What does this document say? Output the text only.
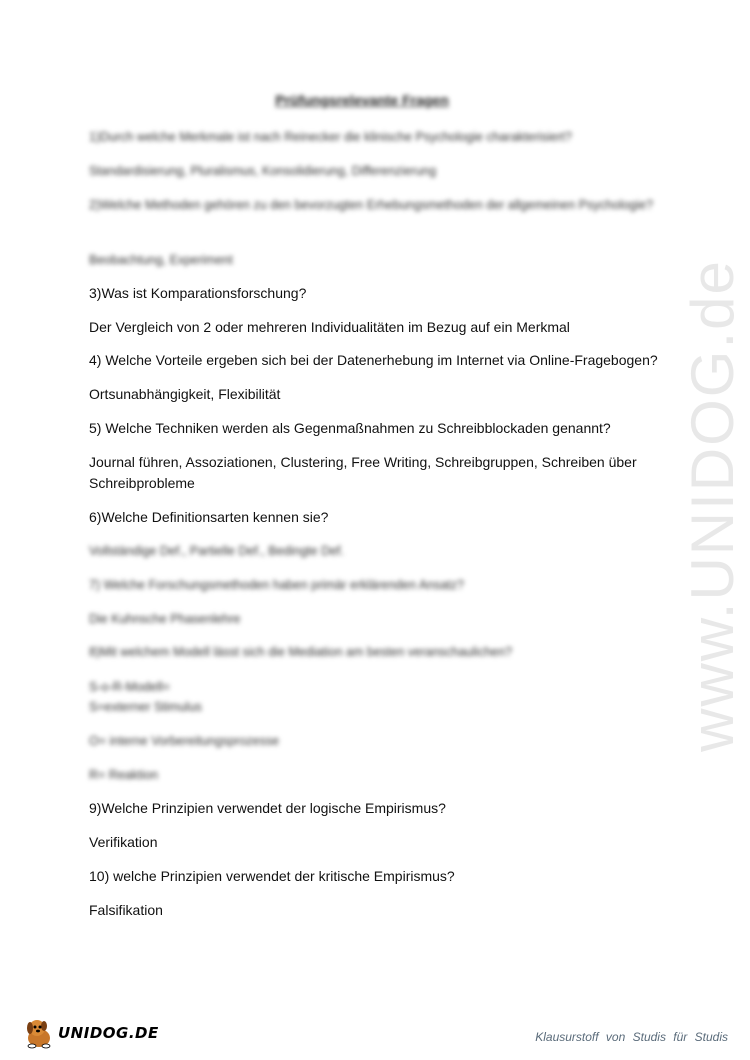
www.UNIDOG.de
Prüfungsrelevante Fragen
1)Durch welche Merkmale ist nach Reinecker die klinische Psychologie charakterisiert?
Standardisierung, Pluralismus, Konsolidierung, Differenzierung
2)Welche Methoden gehören zu den bevorzugten Erhebungsmethoden der allgemeinen Psychologie?
Beobachtung, Experiment
3)Was ist Komparationsforschung?
Der Vergleich von 2 oder mehreren Individualitäten im Bezug auf ein Merkmal
4) Welche Vorteile ergeben sich bei der Datenerhebung im Internet via Online-Fragebogen?
Ortsunabhängigkeit, Flexibilität
5) Welche Techniken werden als Gegenmaßnahmen zu Schreibblockaden genannt?
Journal führen, Assoziationen, Clustering, Free Writing, Schreibgruppen, Schreiben über Schreibprobleme
6)Welche Definitionsarten kennen sie?
Vollständige Def., Partielle Def., Bedingte Def.
7) Welche Forschungsmethoden haben primär erklärenden Ansatz?
Die Kuhnsche Phasenlehre
8)Mit welchem Modell lässt sich die Mediation am besten veranschaulichen?
S-o-R-Modell=
S=externer Stimulus
O= interne Vorbereitungsprozesse
R= Reaktion
9)Welche Prinzipien verwendet der logische Empirismus?
Verifikation
10) welche Prinzipien verwendet der kritische Empirismus?
Falsifikation
UNIDOG.DE	Klausurstoff von Studis für Studis
